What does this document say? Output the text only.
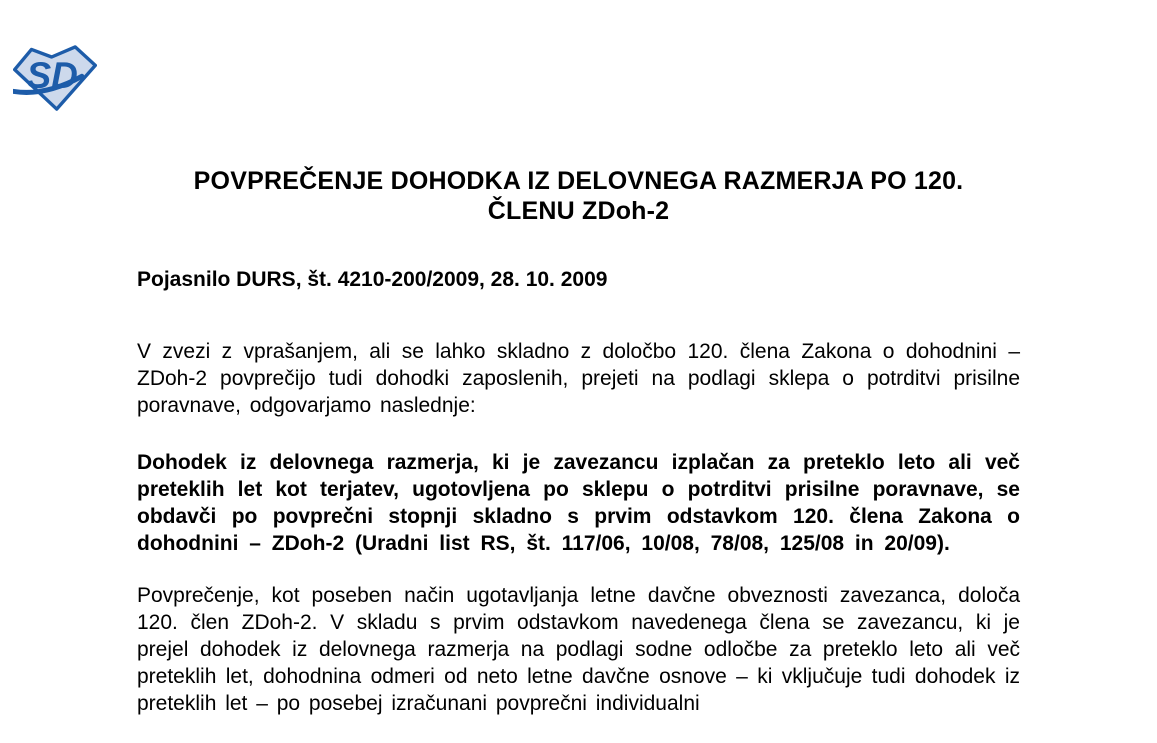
SD
POVPREČENJE DOHODKA IZ DELOVNEGA RAZMERJA PO 120.
ČLENU ZDoh-2

Pojasnilo DURS, št. 4210-200/2009, 28. 10. 2009

V zvezi z vprašanjem, ali se lahko skladno z določbo 120. člena Zakona o dohodnini – ZDoh-2 povprečijo tudi dohodki zaposlenih, prejeti na podlagi sklepa o potrditvi prisilne poravnave, odgovarjamo naslednje:

Dohodek iz delovnega razmerja, ki je zavezancu izplačan za preteklo leto ali več preteklih let kot terjatev, ugotovljena po sklepu o potrditvi prisilne poravnave, se obdavči po povprečni stopnji skladno s prvim odstavkom 120. člena Zakona o dohodnini – ZDoh-2 (Uradni list RS, št. 117/06, 10/08, 78/08, 125/08 in 20/09).

Povprečenje, kot poseben način ugotavljanja letne davčne obveznosti zavezanca, določa 120. člen ZDoh-2. V skladu s prvim odstavkom navedenega člena se zavezancu, ki je prejel dohodek iz delovnega razmerja na podlagi sodne odločbe za preteklo leto ali več preteklih let, dohodnina odmeri od neto letne davčne osnove – ki vključuje tudi dohodek iz preteklih let – po posebej izračunani povprečni individualni
